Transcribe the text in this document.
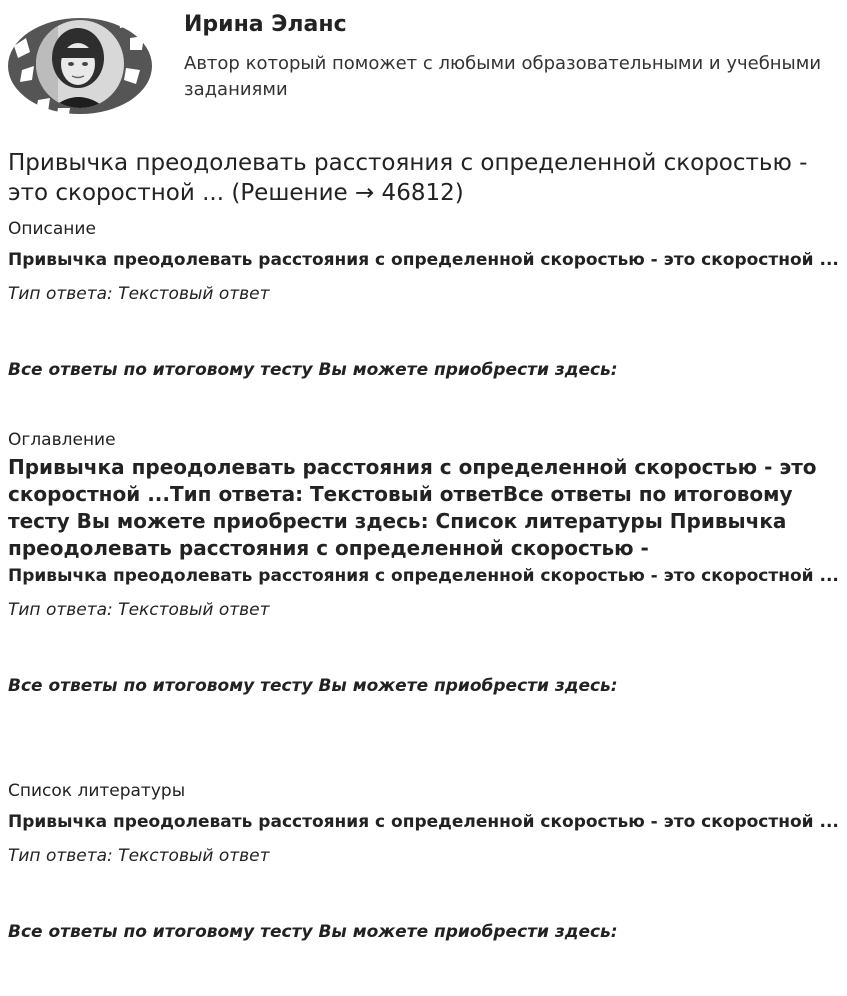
Ирина Эланс

Автор который поможет с любыми образовательными и учебными заданиями

Привычка преодолевать расстояния с определенной скоростью - это скоростной ... (Решение → 46812)

Описание

Привычка преодолевать расстояния с определенной скоростью - это скоростной ...

Тип ответа: Текстовый ответ

Все ответы по итоговому тесту Вы можете приобрести здесь:

Оглавление

Привычка преодолевать расстояния с определенной скоростью - это скоростной ...Тип ответа: Текстовый ответВсе ответы по итоговому тесту Вы можете приобрести здесь: Список литературы Привычка преодолевать расстояния с определенной скоростью -

Привычка преодолевать расстояния с определенной скоростью - это скоростной ...

Тип ответа: Текстовый ответ

Все ответы по итоговому тесту Вы можете приобрести здесь:

Список литературы

Привычка преодолевать расстояния с определенной скоростью - это скоростной ...

Тип ответа: Текстовый ответ

Все ответы по итоговому тесту Вы можете приобрести здесь:
